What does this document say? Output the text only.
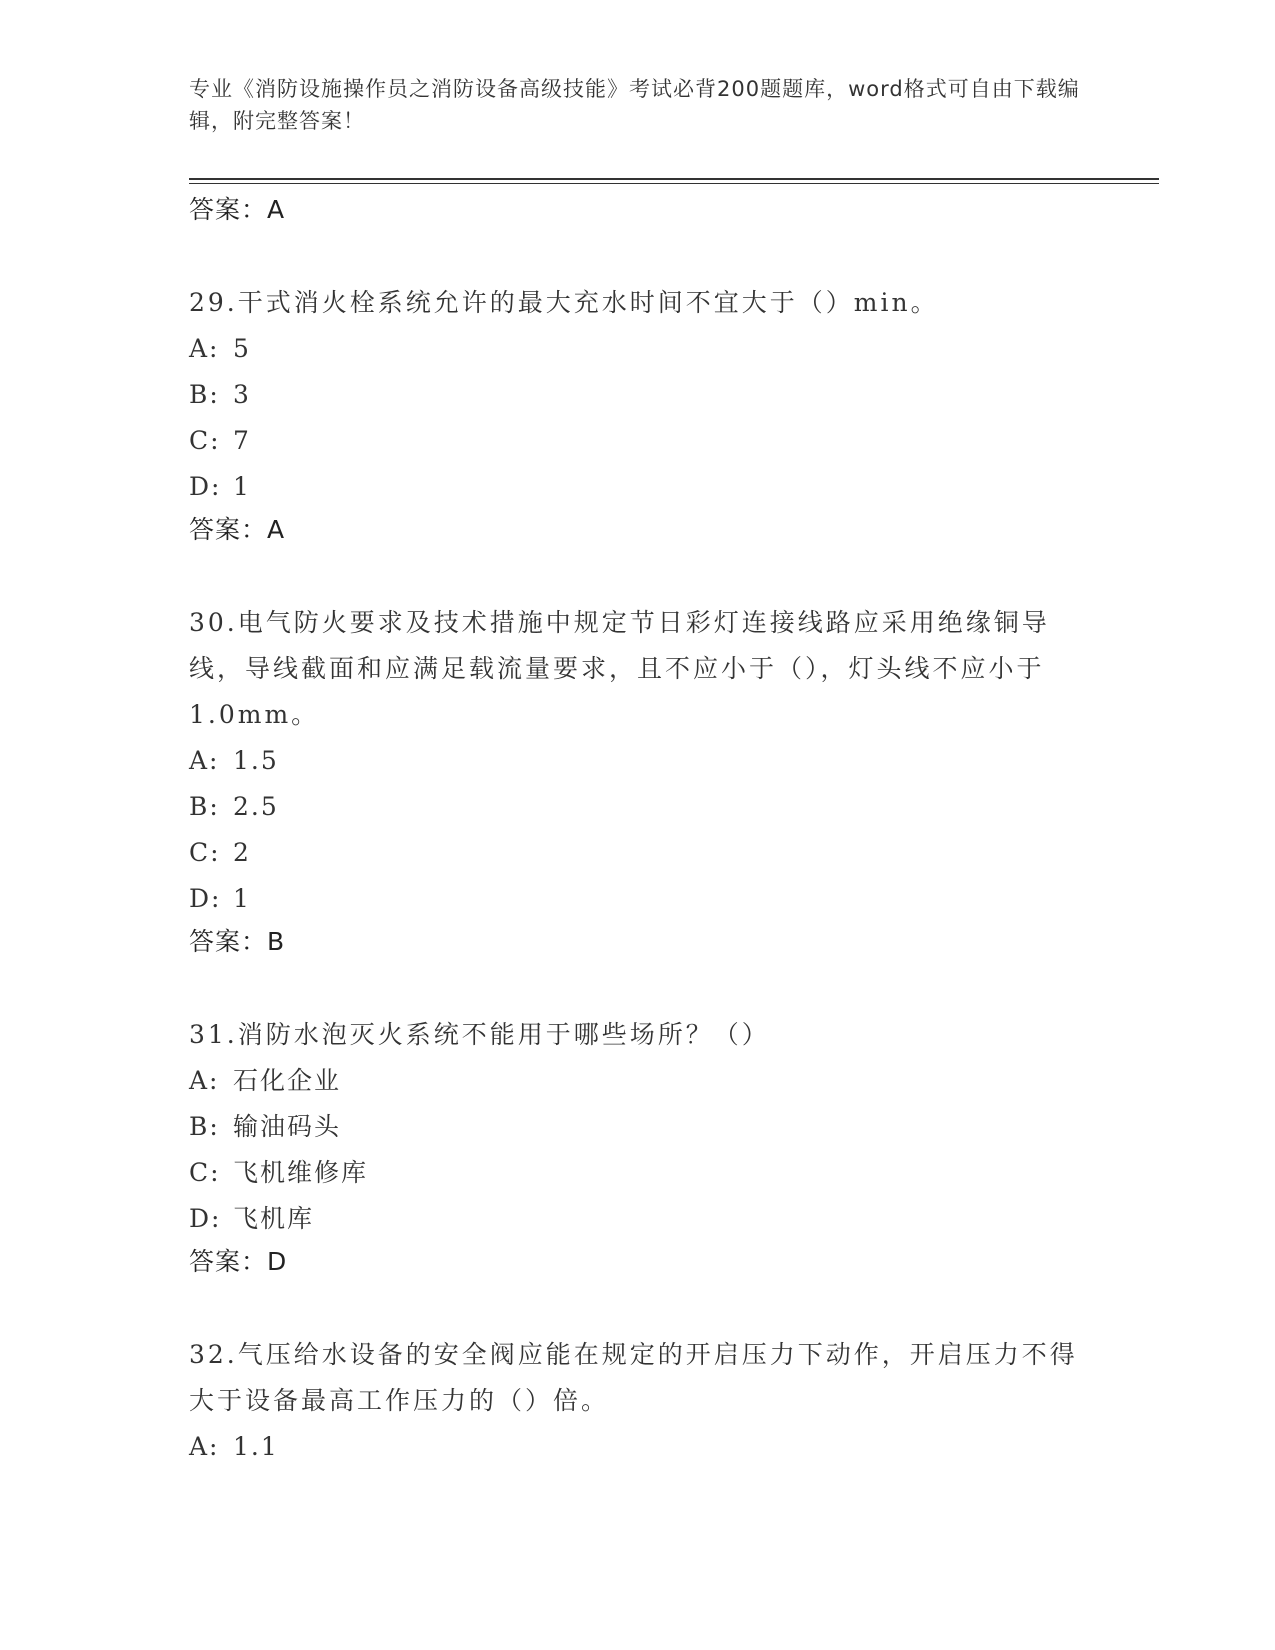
专业《消防设施操作员之消防设备高级技能》考试必背200题题库，word格式可自由下载编辑，附完整答案！
答案：A

29.干式消火栓系统允许的最大充水时间不宜大于（）min。

A: 5
B: 3
C: 7
D: 1
答案：A

30.电气防火要求及技术措施中规定节日彩灯连接线路应采用绝缘铜导线，导线截面和应满足载流量要求，且不应小于（），灯头线不应小于1.0mm。

A: 1.5
B: 2.5
C: 2
D: 1
答案：B

31.消防水泡灭火系统不能用于哪些场所？（）

A: 石化企业
B: 输油码头
C: 飞机维修库
D: 飞机库
答案：D

32.气压给水设备的安全阀应能在规定的开启压力下动作，开启压力不得大于设备最高工作压力的（）倍。

A: 1.1
